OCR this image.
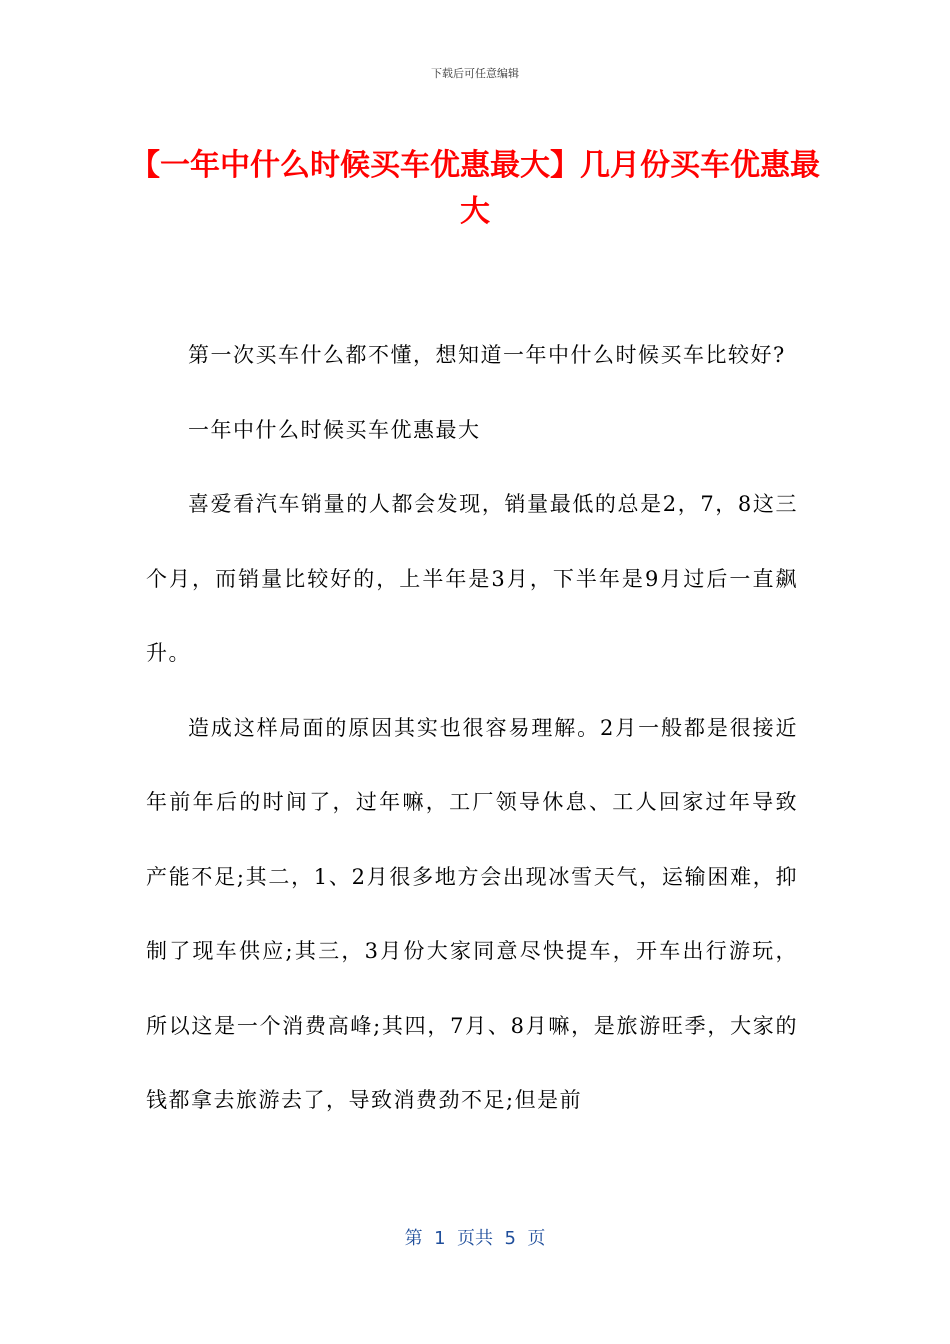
下载后可任意编辑
【一年中什么时候买车优惠最大】几月份买车优惠最大

第一次买车什么都不懂，想知道一年中什么时候买车比较好?

一年中什么时候买车优惠最大

喜爱看汽车销量的人都会发现，销量最低的总是2，7，8这三个月，而销量比较好的，上半年是3月，下半年是9月过后一直飙升。

造成这样局面的原因其实也很容易理解。2月一般都是很接近年前年后的时间了，过年嘛，工厂领导休息、工人回家过年导致产能不足;其二，1、2月很多地方会出现冰雪天气，运输困难，抑制了现车供应;其三，3月份大家同意尽快提车，开车出行游玩，所以这是一个消费高峰;其四，7月、8月嘛，是旅游旺季，大家的钱都拿去旅游去了，导致消费劲不足;但是前

第  1  页共  5  页
